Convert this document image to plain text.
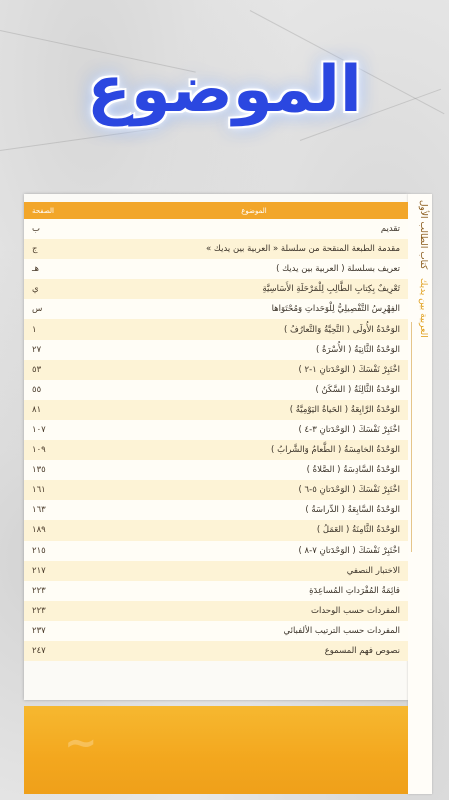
الموضوع
العربية بين يديك   كتاب الطالب الأول
الموضوع	الصفحة
تقديم	ب
مقدمة الطبعة المنقحة من سلسلة « العربية بين يديك »	ج
تعريف بسلسلة ( العربية بين يديك )	هـ
تَعْرِيفٌ بِكِتابِ الطَّالِبِ لِلْمَرْحَلَةِ الأَسَاسِيَّةِ	ي
الفِهْرِسُ التَّفْصِيلِيُّ لِلْوَحَداتِ وَمُحْتَوَاها	س
الوَحْدَةُ الأُولَى ( التَّحِيَّةُ وَالتَّعارُفُ )	١
الوَحْدَةُ الثَّانِيَةُ ( الأُسْرَةُ )	٢٧
اخْتَبِرْ نَفْسَكَ ( الوَحْدَتانِ ١-٢ )	٥٣
الوَحْدَةُ الثَّالِثَةُ ( السَّكَنُ )	٥٥
الوَحْدَةُ الرَّابِعَةُ ( الحَياةُ اليَوْمِيَّةُ )	٨١
اخْتَبِرْ نَفْسَكَ ( الوَحْدَتانِ ٣-٤ )	١٠٧
الوَحْدَةُ الخامِسَةُ ( الطَّعامُ وَالشَّرابُ )	١٠٩
الوَحْدَةُ السَّادِسَةُ ( الصَّلاةُ )	١٣٥
اخْتَبِرْ نَفْسَكَ ( الوَحْدَتانِ ٥-٦ )	١٦١
الوَحْدَةُ السَّابِعَةُ ( الدِّراسَةُ )	١٦٣
الوَحْدَةُ الثَّامِنَةُ ( العَمَلُ )	١٨٩
اخْتَبِرْ نَفْسَكَ ( الوَحْدَتانِ ٧-٨ )	٢١٥
الاختبار النصفي	٢١٧
قائِمَةُ المُفْرَداتِ المُساعِدَةِ	٢٢٣
المفردات حسب الوحدات	٢٢٣
المفردات حسب الترتيب الألفبائي	٢٣٧
نصوص فهم المسموع	٢٤٧
~
